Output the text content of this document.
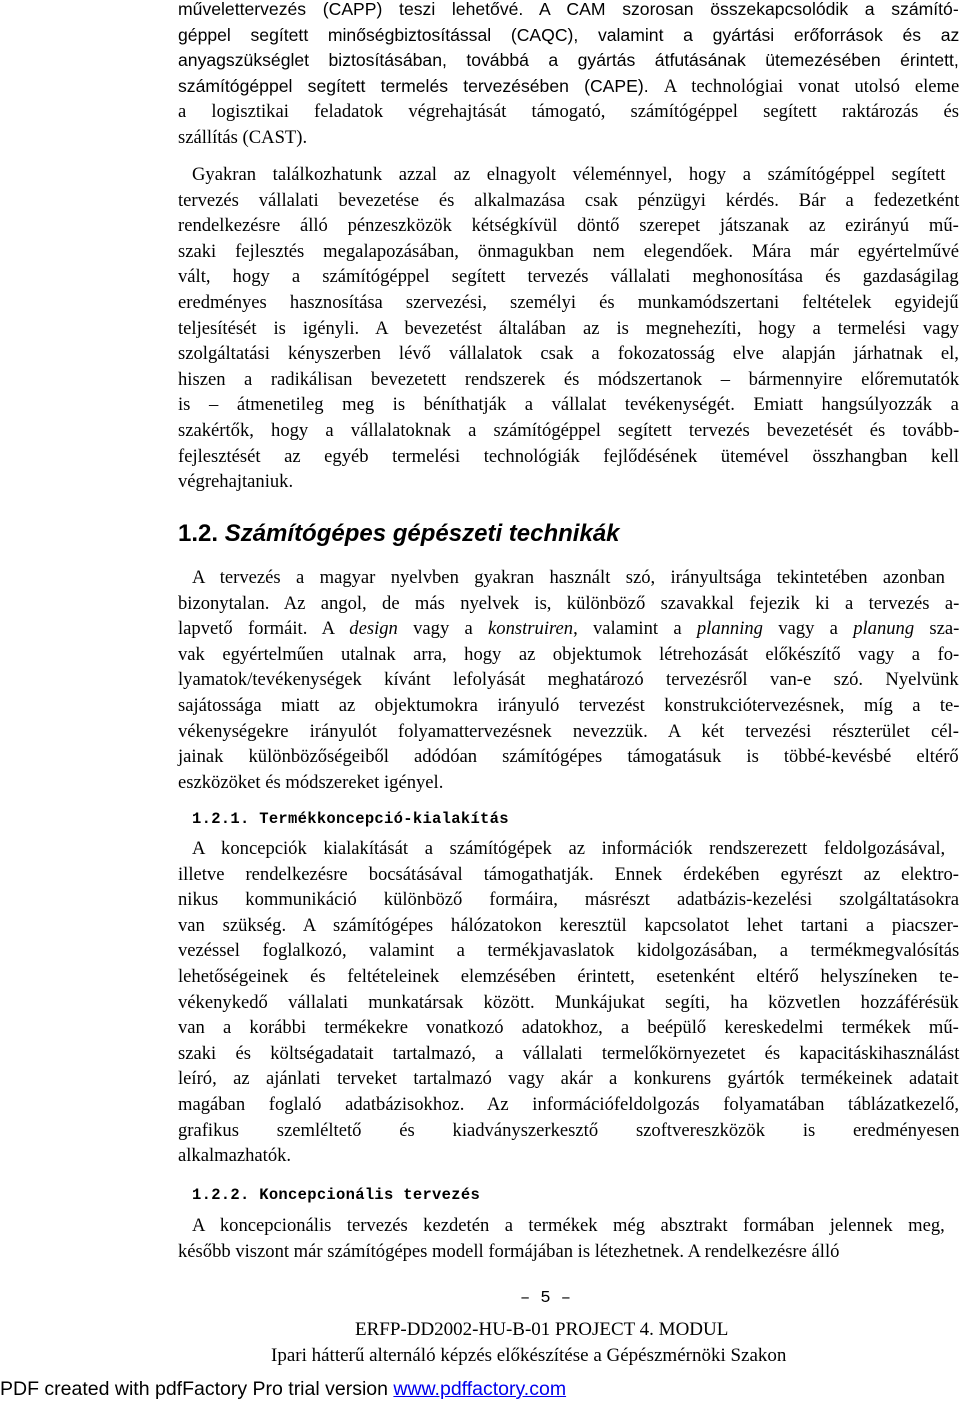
művelettervezés (CAPP) teszi lehetővé. A CAM szorosan összekapcsolódik a számító-
géppel segített minőségbiztosítással (CAQC), valamint a gyártási erőforrások és az
anyagszükséglet biztosításában, továbbá a gyártás átfutásának ütemezésében érintett,
számítógéppel segített termelés tervezésében (CAPE). A technológiai vonat utolsó eleme
a logisztikai feladatok végrehajtását támogató, számítógéppel segített raktározás és
szállítás (CAST).
Gyakran találkozhatunk azzal az elnagyolt véleménnyel, hogy a számítógéppel segített
tervezés vállalati bevezetése és alkalmazása csak pénzügyi kérdés. Bár a fedezetként
rendelkezésre álló pénzeszközök kétségkívül döntő szerepet játszanak az ezirányú mű-
szaki fejlesztés megalapozásában, önmagukban nem elegendőek. Mára már egyértelművé
vált, hogy a számítógéppel segített tervezés vállalati meghonosítása és gazdaságilag
eredményes hasznosítása szervezési, személyi és munkamódszertani feltételek egyidejű
teljesítését is igényli. A bevezetést általában az is megnehezíti, hogy a termelési vagy
szolgáltatási kényszerben lévő vállalatok csak a fokozatosság elve alapján járhatnak el,
hiszen a radikálisan bevezetett rendszerek és módszertanok – bármennyire előremutatók
is – átmenetileg meg is béníthatják a vállalat tevékenységét. Emiatt hangsúlyozzák a
szakértők, hogy a vállalatoknak a számítógéppel segített tervezés bevezetését és tovább-
fejlesztését az egyéb termelési technológiák fejlődésének ütemével összhangban kell
végrehajtaniuk.
1.2. Számítógépes gépészeti technikák
A tervezés a magyar nyelvben gyakran használt szó, irányultsága tekintetében azonban
bizonytalan. Az angol, de más nyelvek is, különböző szavakkal fejezik ki a tervezés a-
lapvető formáit. A design vagy a konstruiren, valamint a planning vagy a planung sza-
vak egyértelműen utalnak arra, hogy az objektumok létrehozását előkészítő vagy a fo-
lyamatok/tevékenységek kívánt lefolyását meghatározó tervezésről van-e szó. Nyelvünk
sajátossága miatt az objektumokra irányuló tervezést konstrukciótervezésnek, míg a te-
vékenységekre irányulót folyamattervezésnek nevezzük. A két tervezési részterület cél-
jainak különbözőségeiből adódóan számítógépes támogatásuk is többé-kevésbé eltérő
eszközöket és módszereket igényel.
1.2.1. Termékkoncepció-kialakítás
A koncepciók kialakítását a számítógépek az információk rendszerezett feldolgozásával,
illetve rendelkezésre bocsátásával támogathatják. Ennek érdekében egyrészt az elektro-
nikus kommunikáció különböző formáira, másrészt adatbázis-kezelési szolgáltatásokra
van szükség. A számítógépes hálózatokon keresztül kapcsolatot lehet tartani a piacszer-
vezéssel foglalkozó, valamint a termékjavaslatok kidolgozásában, a termékmegvalósítás
lehetőségeinek és feltételeinek elemzésében érintett, esetenként eltérő helyszíneken te-
vékenykedő vállalati munkatársak között. Munkájukat segíti, ha közvetlen hozzáférésük
van a korábbi termékekre vonatkozó adatokhoz, a beépülő kereskedelmi termékek mű-
szaki és költségadatait tartalmazó, a vállalati termelőkörnyezetet és kapacitáskihasználást
leíró, az ajánlati terveket tartalmazó vagy akár a konkurens gyártók termékeinek adatait
magában foglaló adatbázisokhoz. Az információfeldolgozás folyamatában táblázatkezelő,
grafikus szemléltető és kiadványszerkesztő szoftvereszközök is eredményesen
alkalmazhatók.
1.2.2. Koncepcionális tervezés
A koncepcionális tervezés kezdetén a termékek még absztrakt formában jelennek meg,
később viszont már számítógépes modell formájában is létezhetnek. A rendelkezésre álló
– 5 –
ERFP-DD2002-HU-B-01 PROJECT 4. MODUL
Ipari hátterű alternáló képzés előkészítése a Gépészmérnöki Szakon
PDF created with pdfFactory Pro trial version www.pdffactory.com
